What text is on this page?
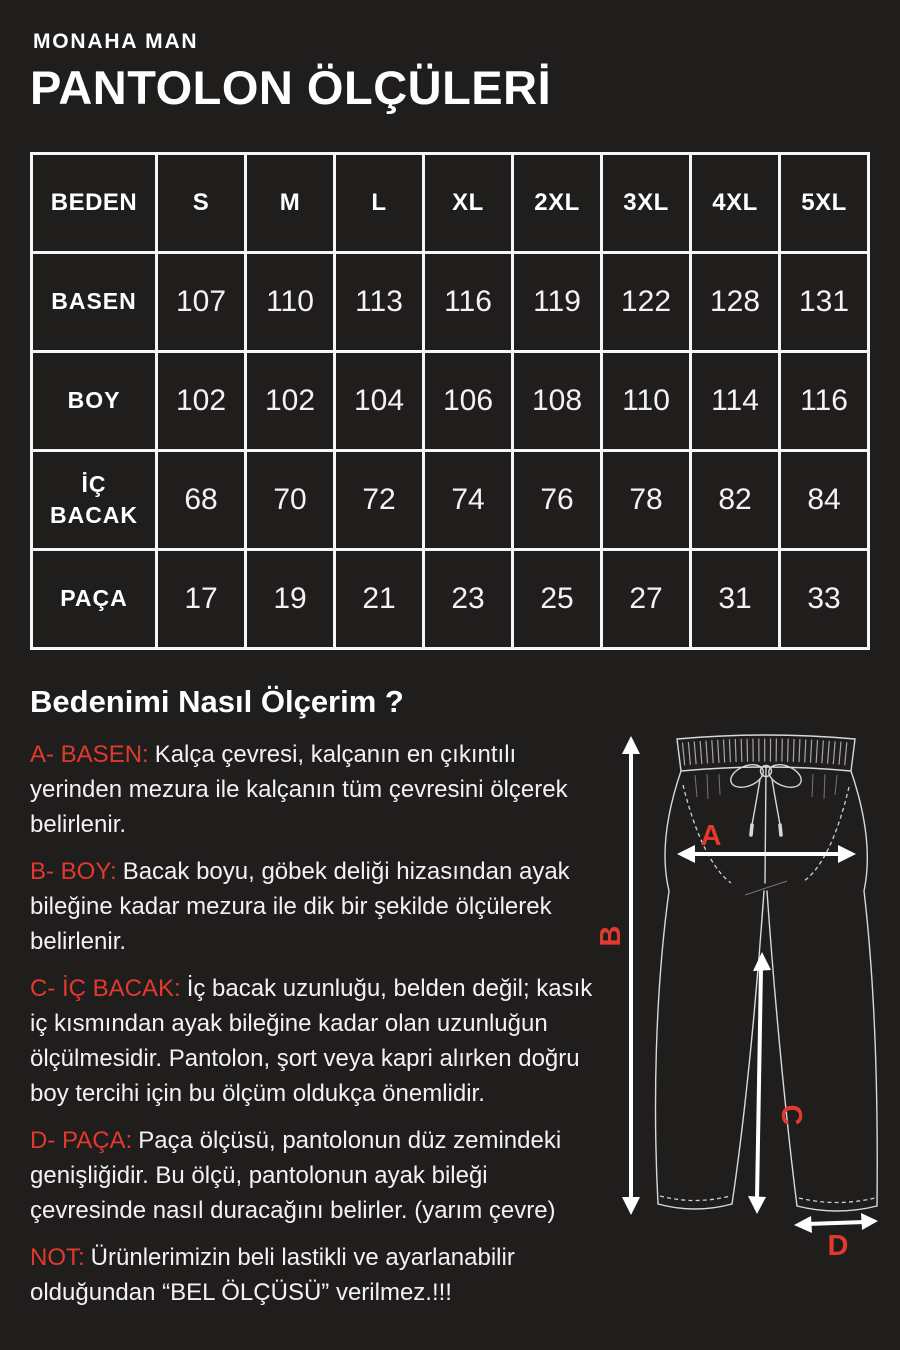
MONAHA MAN
PANTOLON ÖLÇÜLERİ
BEDEN	S	M	L	XL	2XL	3XL	4XL	5XL
BASEN	107	110	113	116	119	122	128	131
BOY	102	102	104	106	108	110	114	116
İÇ BACAK	68	70	72	74	76	78	82	84
PAÇA	17	19	21	23	25	27	31	33
Bedenimi Nasıl Ölçerim ?

A- BASEN: Kalça çevresi, kalçanın en çıkıntılı yerinden mezura ile kalçanın tüm çevresini ölçerek belirlenir.

B- BOY: Bacak boyu, göbek deliği hizasından ayak bileğine kadar mezura ile dik bir şekilde ölçülerek belirlenir.

C- İÇ BACAK: İç bacak uzunluğu, belden değil; kasık iç kısmından ayak bileğine kadar olan uzunluğun ölçülmesidir. Pantolon, şort veya kapri alırken doğru boy tercihi için bu ölçüm oldukça önemlidir.

D- PAÇA: Paça ölçüsü, pantolonun düz zemindeki genişliğidir. Bu ölçü, pantolonun ayak bileği çevresinde nasıl duracağını belirler. (yarım çevre)

NOT: Ürünlerimizin beli lastikli ve ayarlanabilir olduğundan “BEL ÖLÇÜSÜ” verilmez.!!!

A
B
C
D
